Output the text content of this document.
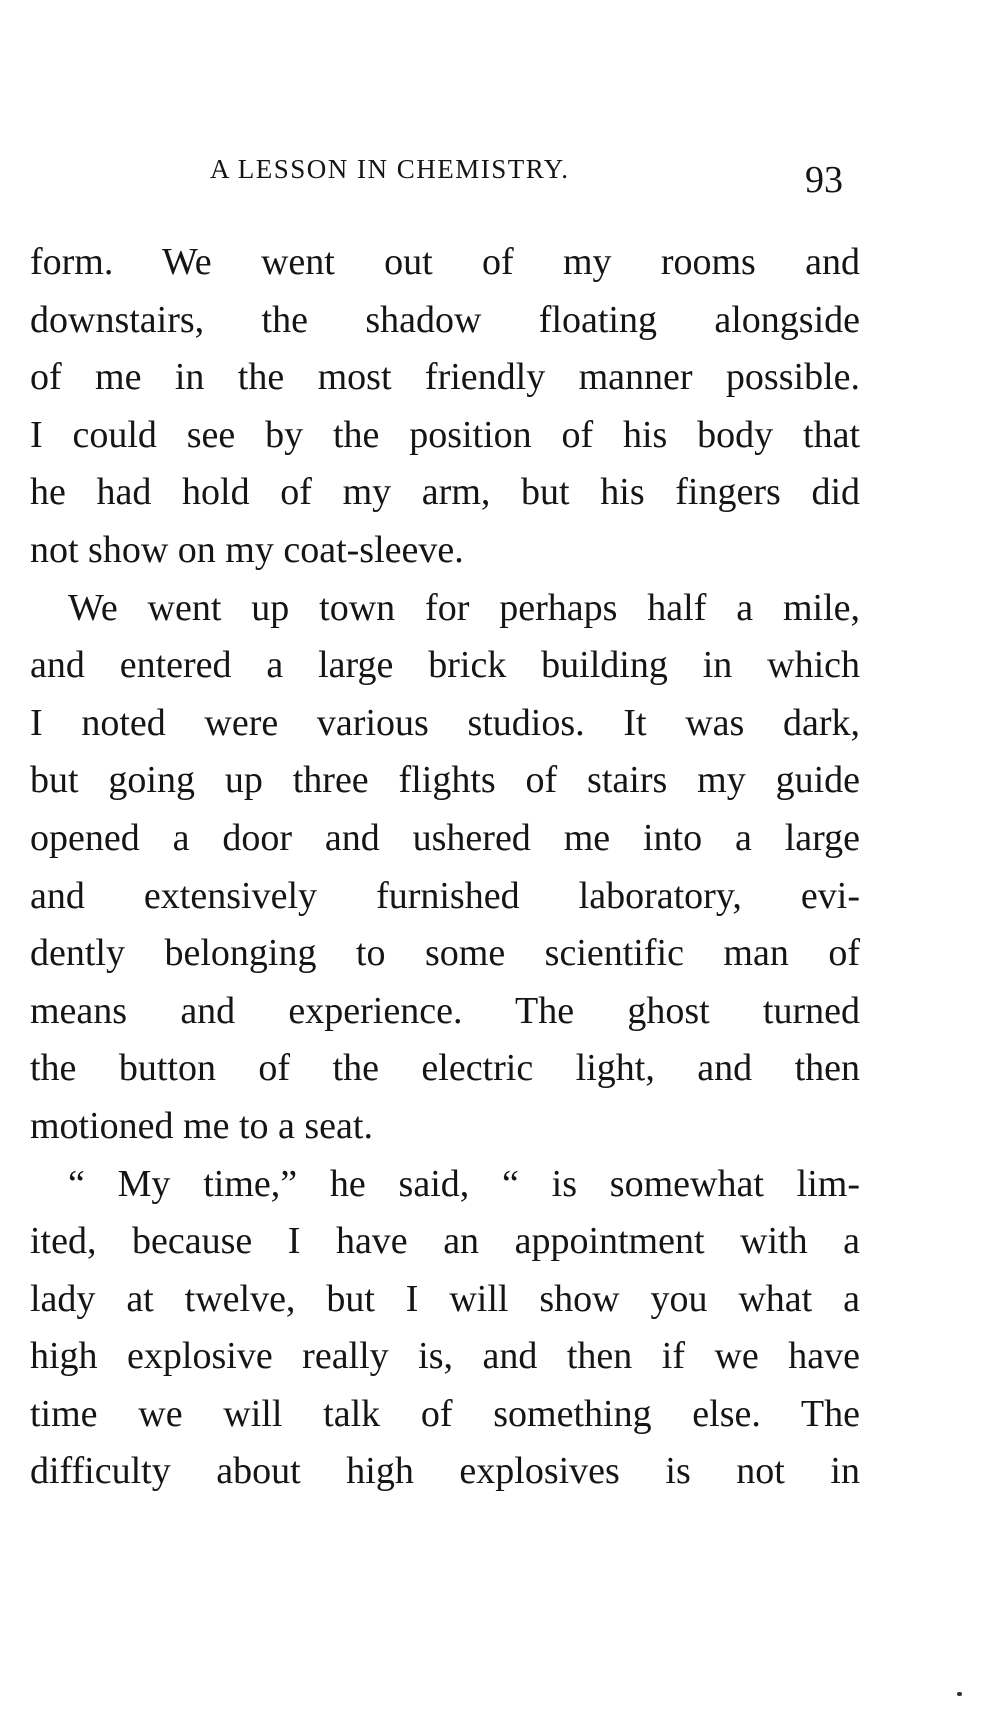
A LESSON IN CHEMISTRY.	93
form. We went out of my rooms and
downstairs, the shadow floating alongside
of me in the most friendly manner possible.
I could see by the position of his body that
he had hold of my arm, but his fingers did
not show on my coat-sleeve.
We went up town for perhaps half a mile,
and entered a large brick building in which
I noted were various studios. It was dark,
but going up three flights of stairs my guide
opened a door and ushered me into a large
and extensively furnished laboratory, evi-
dently belonging to some scientific man of
means and experience. The ghost turned
the button of the electric light, and then
motioned me to a seat.
“ My time,” he said, “ is somewhat lim-
ited, because I have an appointment with a
lady at twelve, but I will show you what a
high explosive really is, and then if we have
time we will talk of something else. The
difficulty about high explosives is not in
